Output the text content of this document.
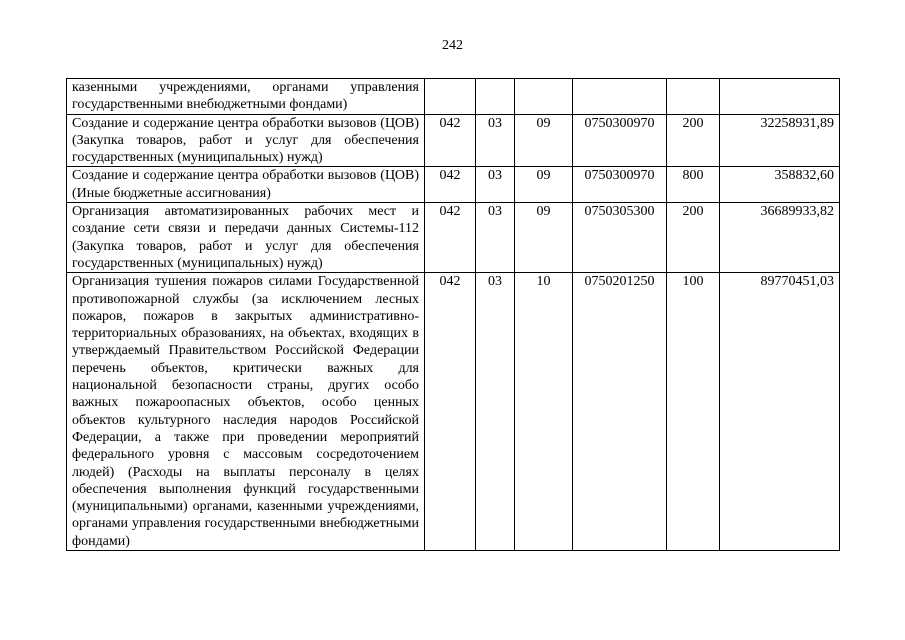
242
казенными учреждениями, органами управления государственными внебюджетными фондами)						
Создание и содержание центра обработки вызовов (ЦОВ) (Закупка товаров, работ и услуг для обеспечения государственных (муниципальных) нужд)	042	03	09	0750300970	200	32258931,89
Создание и содержание центра обработки вызовов (ЦОВ) (Иные бюджетные ассигнования)	042	03	09	0750300970	800	358832,60
Организация автоматизированных рабочих мест и создание сети связи и передачи данных Системы-112 (Закупка товаров, работ и услуг для обеспечения государственных (муниципальных) нужд)	042	03	09	0750305300	200	36689933,82
Организация тушения пожаров силами Государственной противопожарной службы (за исключением лесных пожаров, пожаров в закрытых административно-территориальных образованиях, на объектах, входящих в утверждаемый Правительством Российской Федерации перечень объектов, критически важных для национальной безопасности страны, других особо важных пожароопасных объектов, особо ценных объектов культурного наследия народов Российской Федерации, а также при проведении мероприятий федерального уровня с массовым сосредоточением людей) (Расходы на выплаты персоналу в целях обеспечения выполнения функций государственными (муниципальными) органами, казенными учреждениями, органами управления государственными внебюджетными фондами)	042	03	10	0750201250	100	89770451,03
